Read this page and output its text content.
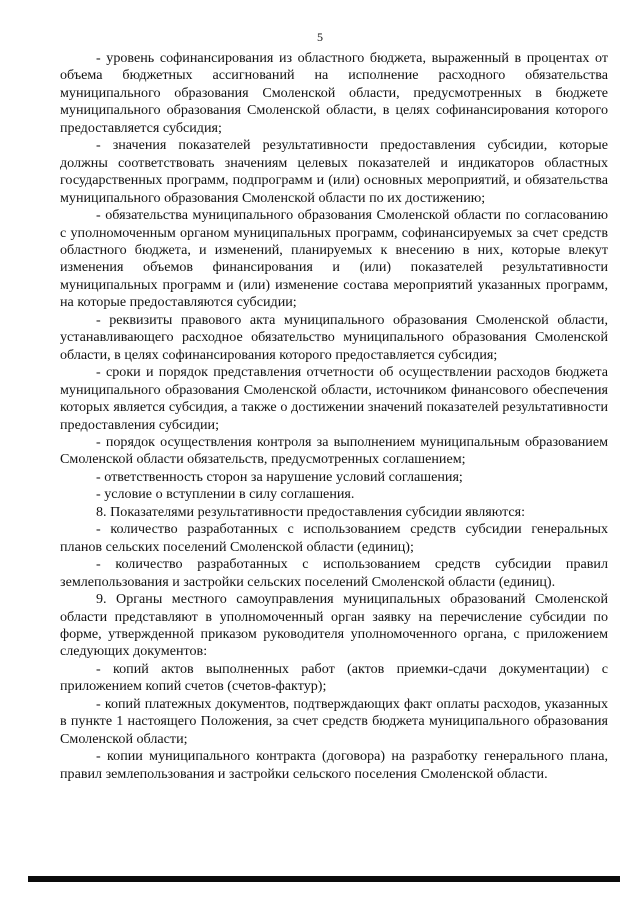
5

- уровень софинансирования из областного бюджета, выраженный в процентах от объема бюджетных ассигнований на исполнение расходного обязательства муниципального образования Смоленской области, предусмотренных в бюджете муниципального образования Смоленской области, в целях софинансирования которого предоставляется субсидия;

- значения показателей результативности предоставления субсидии, которые должны соответствовать значениям целевых показателей и индикаторов областных государственных программ, подпрограмм и (или) основных мероприятий, и обязательства муниципального образования Смоленской области по их достижению;

- обязательства муниципального образования Смоленской области по согласованию с уполномоченным органом муниципальных программ, софинансируемых за счет средств областного бюджета, и изменений, планируемых к внесению в них, которые влекут изменения объемов финансирования и (или) показателей результативности муниципальных программ и (или) изменение состава мероприятий указанных программ, на которые предоставляются субсидии;

- реквизиты правового акта муниципального образования Смоленской области, устанавливающего расходное обязательство муниципального образования Смоленской области, в целях софинансирования которого предоставляется субсидия;

- сроки и порядок представления отчетности об осуществлении расходов бюджета муниципального образования Смоленской области, источником финансового обеспечения которых является субсидия, а также о достижении значений показателей результативности предоставления субсидии;

- порядок осуществления контроля за выполнением муниципальным образованием Смоленской области обязательств, предусмотренных соглашением;

- ответственность сторон за нарушение условий соглашения;

- условие о вступлении в силу соглашения.

8. Показателями результативности предоставления субсидии являются:

- количество разработанных с использованием средств субсидии генеральных планов сельских поселений Смоленской области (единиц);

- количество разработанных с использованием средств субсидии правил землепользования и застройки сельских поселений Смоленской области (единиц).

9. Органы местного самоуправления муниципальных образований Смоленской области представляют в уполномоченный орган заявку на перечисление субсидии по форме, утвержденной приказом руководителя уполномоченного органа, с приложением следующих документов:

- копий актов выполненных работ (актов приемки-сдачи документации) с приложением копий счетов (счетов-фактур);

- копий платежных документов, подтверждающих факт оплаты расходов, указанных в пункте 1 настоящего Положения, за счет средств бюджета муниципального образования Смоленской области;

- копии муниципального контракта (договора) на разработку генерального плана, правил землепользования и застройки сельского поселения Смоленской области.
